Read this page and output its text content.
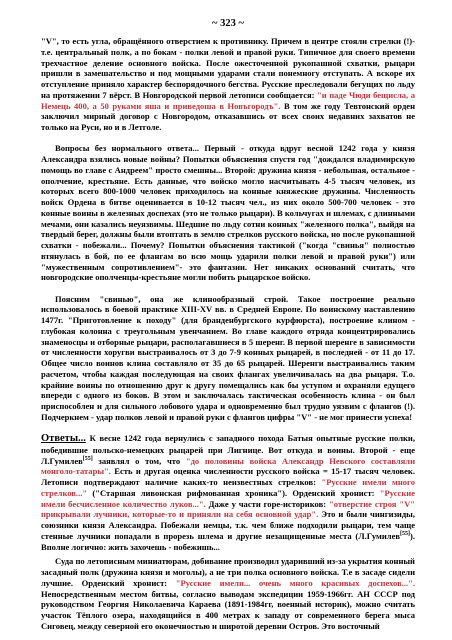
~ 323 ~

"V", то есть угла, обращённого отверстием к противнику. Причем в центре стояли стрелки (!)- т.е. центральный полк, а по бокам - полки левой и правой руки. Типичное для своего времени трехчастное деление основного войска. После ожесточенной рукопашной схватки, рыцари пришли в замешательство и под мощными ударами стали понемногу отступать. А вскоре их отступление приняло характер беспорядочного бегства. Русские преследовали бегущих по льду на протяжении 7 вёрст. В Новгородской первой летописи сообщается: "и паде Чюди бещисла, а Немець 400, а 50 руками яша и приведоша в Новъгородъ". В том же году Тевтонский орден заключил мирный договор с Новгородом, отказавшись от всех своих недавних захватов не только на Руси, но и в Летголе.

Вопросы без нормального ответа... Первый - откуда вдруг весной 1242 года у князя Александра взялись новые войны? Попытки объяснения спустя год "дождался владимирскую помощь во главе с Андреем" просто смешны... Второй: дружина князя - небольшая, остальное - ополчение, крестьяне. Есть данные, что войско могло насчитывать 4-5 тысяч человек, из которых всего 800-1000 человек приходилось на конные княжеские дружины. Численность войск Ордена в битве оценивается в 10-12 тысяч чел., из них около 500-700 человек - это конные воины в железных доспехах (это не только рыцари). В кольчугах и шлемах, с длинными мечами, они казались неуязвимы. Шедшие по льду сотни конных "железного полка", выйдя на твердый берег, должны были втоптать в землю стрелков русского войска, но после рукопашной схватки - побежали... Почему? Попытки объяснения тактикой ("когда "свинья" полностью втянулась в бой, по ее флангам во всю мощь ударили полки левой и правой руки") или "мужественным сопротивлением"- это фантазии. Нет никаких оснований считать, что новгородские ополченцы-крестьяне могли побить рыцарское войско.

Поясним "свинью", она же клинообразный строй. Такое построение реально использовалось в боевой практике XIII-XV вв. в Средней Европе. По воинскому наставлению 1477г. "Приготовление к походу" (для бранденбургского курфюрста), построение клином - глубокая колонна с треугольным увенчанием. Во главе каждого отряда концентрировались знаменосцы и отборные рыцари, располагавшиеся в 5 шеренг. В первой шеренге в зависимости от численности хоругви выстраивалось от 3 до 7-9 конных рыцарей, в последней - от 11 до 17. Общее число воинов клина составляло от 35 до 65 рыцарей. Шеренги выстраивались таким расчетом, чтобы каждая последующая на своих флангах увеличивалась на два рыцаря. Т.о. крайние воины по отношению друг к другу помещались как бы уступом и охраняли едущего впереди с одного из боков. В этом и заключалась тактическая особенность клина - он был приспособлен и для сильного лобового удара и одновременно был трудно уязвим с флангов (!). Подчеркнем - удар полков левой и правой руки с флангов цифры "V" - не мог принести успеха!

Ответы... К весне 1242 года вернулись с западного похода Батыя опытные русские полки, победившие польско-немецких рыцарей при Лигнице. Вот откуда и воины. Второй - еще Л.Гумилев[55] заявлял о том, что "до половины войска Александр Невского составляли монголо-татары". Есть и другая оценка численности русского войска = 15-17 тысяч человек. Летописи подтверждают наличие каких-то неизвестных стрелков: "Русские имели много стрелков..." ("Старшая ливонская рифмованная хроника"). Орденский хронист: "Русские имели бесчисленное количество луков...". Даже у части горе-историков: "отверстие строя "V" прикрывали лучники, которые-то и приняли на себя основной удар". Это и были чингизиды, союзники князя Александра. Побежали немцы, т.к. чем ближе подходили рыцари, тем чаще стенные лучники попадали в прорезь шлема и другие незащищенные места (Л.Гумилев[55]). Вполне логично: жить захочешь - побежишь...

Суда по летописным миниатюрам, добивание производил ударивший из-за укрытия конный засадный полк (дружина князя и моголы), а не три полка основного войска. Т.е в засаде сидели лучшие. Орденский хронист: "Русские имели... очень много красивых доспехов...". Непосредственным местом битвы, согласно выводам экспедиции 1959-1966гг. АН СССР под руководством Георгия Николаевича Караева (1891-1984гг, военный историк), можно считать участок Тёплого озера, находящийся в 400 метрах к западу от современного берега мыса Сиговец, между северной его оконечностью и широтой деревни Остров. Это восточный
